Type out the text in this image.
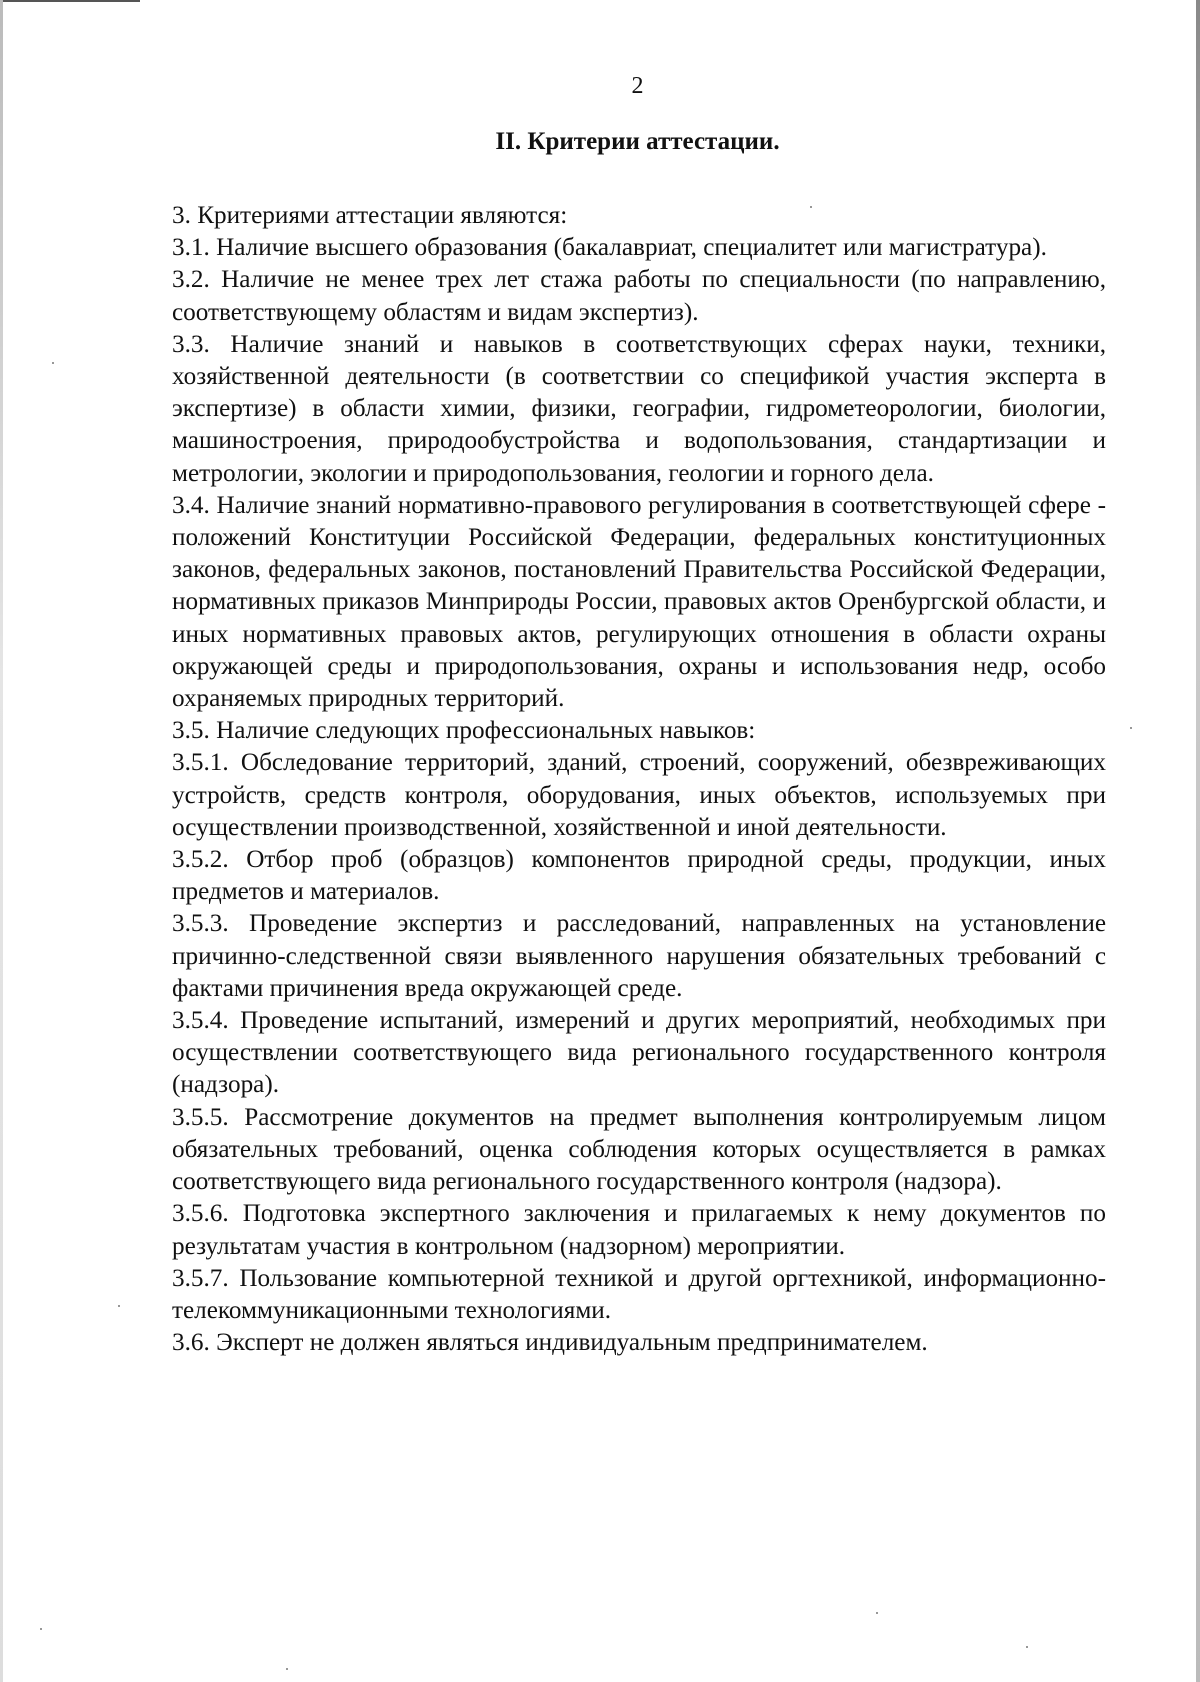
2
II. Критерии аттестации.

3. Критериями аттестации являются:

3.1. Наличие высшего образования (бакалавриат, специалитет или магистратура).

3.2. Наличие не менее трех лет стажа работы по специальности (по направлению, соответствующему областям и видам экспертиз).

3.3. Наличие знаний и навыков в соответствующих сферах науки, техники, хозяйственной деятельности (в соответствии со спецификой участия эксперта в экспертизе) в области химии, физики, географии, гидрометеорологии, биологии, машиностроения, природообустройства и водопользования, стандартизации и метрологии, экологии и природопользования, геологии и горного дела.

3.4. Наличие знаний нормативно-правового регулирования в соответствующей сфере - положений Конституции Российской Федерации, федеральных конституционных законов, федеральных законов, постановлений Правительства Российской Федерации, нормативных приказов Минприроды России, правовых актов Оренбургской области, и иных нормативных правовых актов, регулирующих отношения в области охраны окружающей среды и природопользования, охраны и использования недр, особо охраняемых природных территорий.

3.5. Наличие следующих профессиональных навыков:

3.5.1. Обследование территорий, зданий, строений, сооружений, обезвреживающих устройств, средств контроля, оборудования, иных объектов, используемых при осуществлении производственной, хозяйственной и иной деятельности.

3.5.2. Отбор проб (образцов) компонентов природной среды, продукции, иных предметов и материалов.

3.5.3. Проведение экспертиз и расследований, направленных на установление причинно-следственной связи выявленного нарушения обязательных требований с фактами причинения вреда окружающей среде.

3.5.4. Проведение испытаний, измерений и других мероприятий, необходимых при осуществлении соответствующего вида регионального государственного контроля (надзора).

3.5.5. Рассмотрение документов на предмет выполнения контролируемым лицом обязательных требований, оценка соблюдения которых осуществляется в рамках соответствующего вида регионального государственного контроля (надзора).

3.5.6. Подготовка экспертного заключения и прилагаемых к нему документов по результатам участия в контрольном (надзорном) мероприятии.

3.5.7. Пользование компьютерной техникой и другой оргтехникой, информационно-телекоммуникационными технологиями.

3.6. Эксперт не должен являться индивидуальным предпринимателем.
